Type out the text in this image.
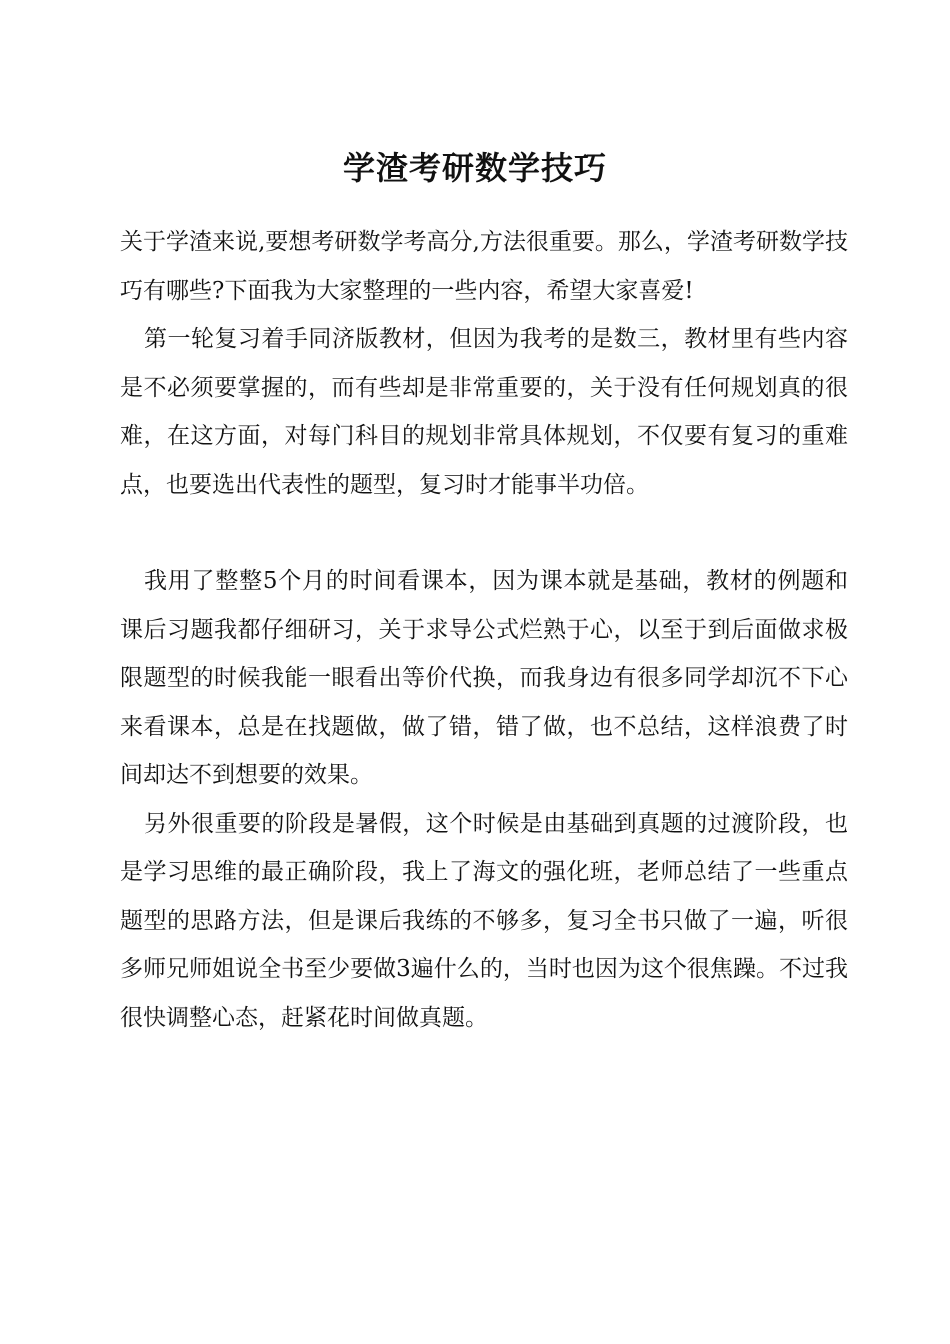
学渣考研数学技巧

关于学渣来说,要想考研数学考高分,方法很重要。那么，学渣考研数学技巧有哪些?下面我为大家整理的一些内容，希望大家喜爱!

第一轮复习着手同济版教材，但因为我考的是数三，教材里有些内容是不必须要掌握的，而有些却是非常重要的，关于没有任何规划真的很难，在这方面，对每门科目的规划非常具体规划，不仅要有复习的重难点，也要选出代表性的题型，复习时才能事半功倍。

我用了整整5个月的时间看课本，因为课本就是基础，教材的例题和课后习题我都仔细研习，关于求导公式烂熟于心，以至于到后面做求极限题型的时候我能一眼看出等价代换，而我身边有很多同学却沉不下心来看课本，总是在找题做，做了错，错了做，也不总结，这样浪费了时间却达不到想要的效果。

另外很重要的阶段是暑假，这个时候是由基础到真题的过渡阶段，也是学习思维的最正确阶段，我上了海文的强化班，老师总结了一些重点题型的思路方法，但是课后我练的不够多，复习全书只做了一遍，听很多师兄师姐说全书至少要做3遍什么的，当时也因为这个很焦躁。不过我很快调整心态，赶紧花时间做真题。
